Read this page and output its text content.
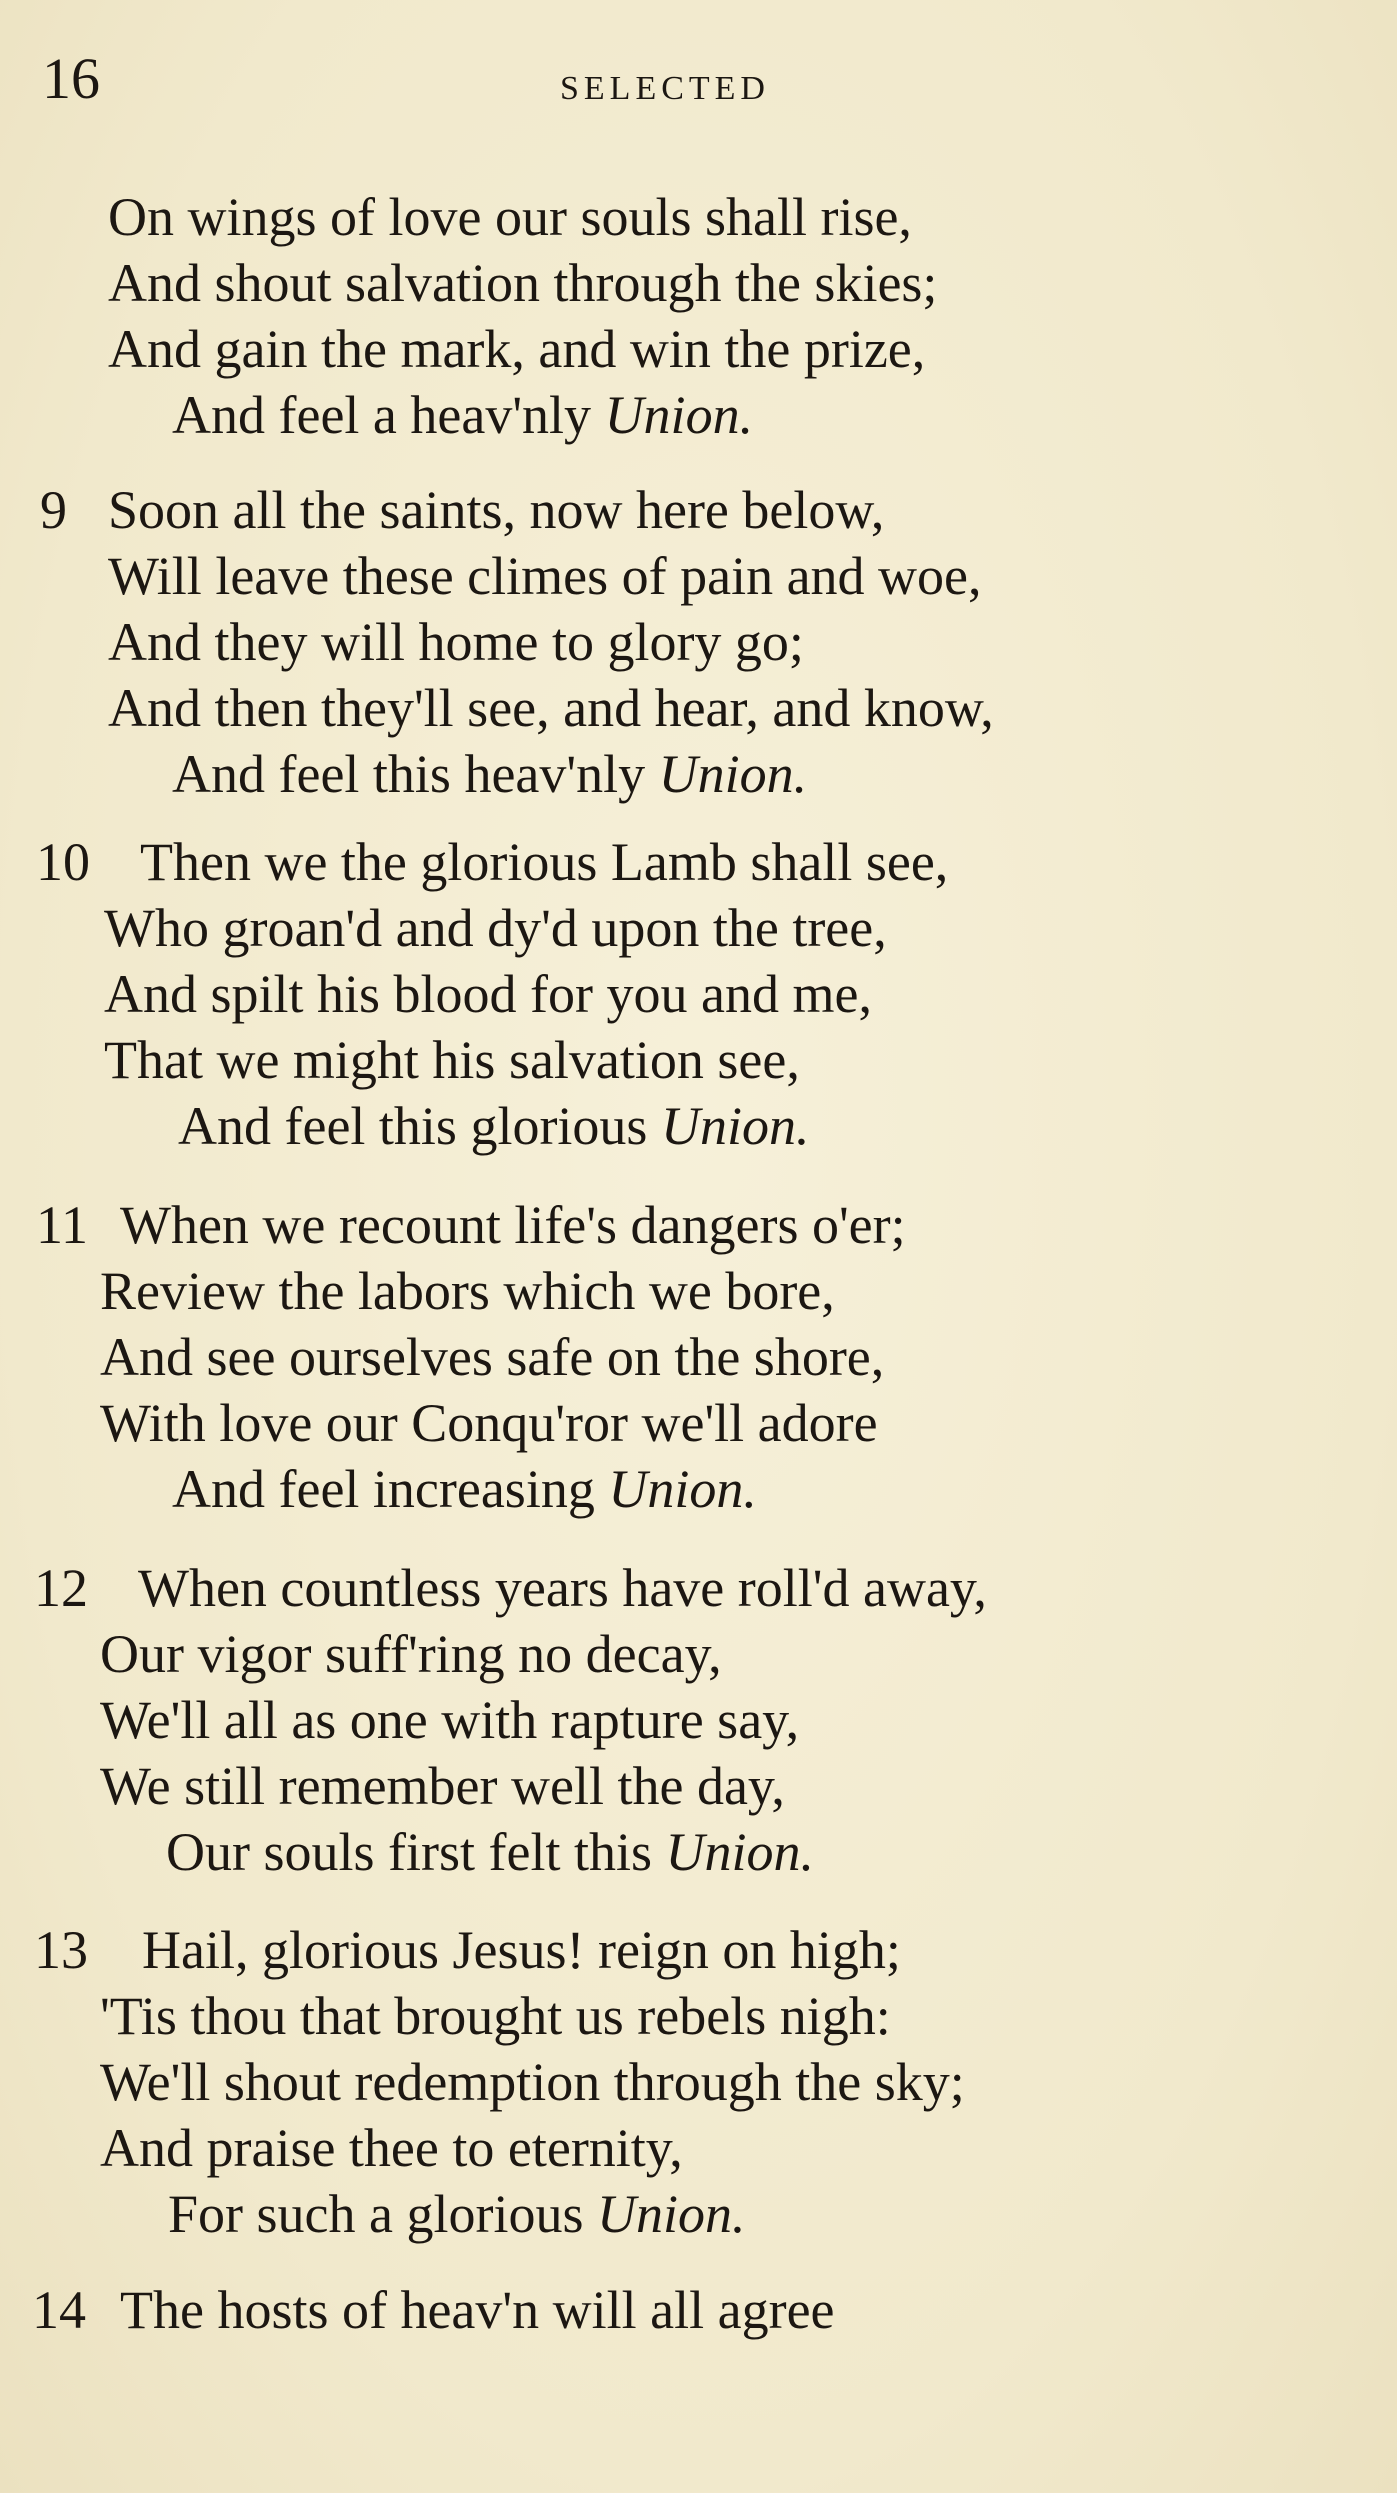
16	SELECTED
On wings of love our souls shall rise,
And shout salvation through the skies;
And gain the mark, and win the prize,
And feel a heav'nly Union.
9 Soon all the saints, now here below,
Will leave these climes of pain and woe,
And they will home to glory go;
And then they'll see, and hear, and know,
And feel this heav'nly Union.
10 Then we the glorious Lamb shall see,
Who groan'd and dy'd upon the tree,
And spilt his blood for you and me,
That we might his salvation see,
And feel this glorious Union.
11 When we recount life's dangers o'er;
Review the labors which we bore,
And see ourselves safe on the shore,
With love our Conqu'ror we'll adore
And feel increasing Union.
12 When countless years have roll'd away,
Our vigor suff'ring no decay,
We'll all as one with rapture say,
We still remember well the day,
Our souls first felt this Union.
13 Hail, glorious Jesus! reign on high;
'Tis thou that brought us rebels nigh:
We'll shout redemption through the sky;
And praise thee to eternity,
For such a glorious Union.
14 The hosts of heav'n will all agree
